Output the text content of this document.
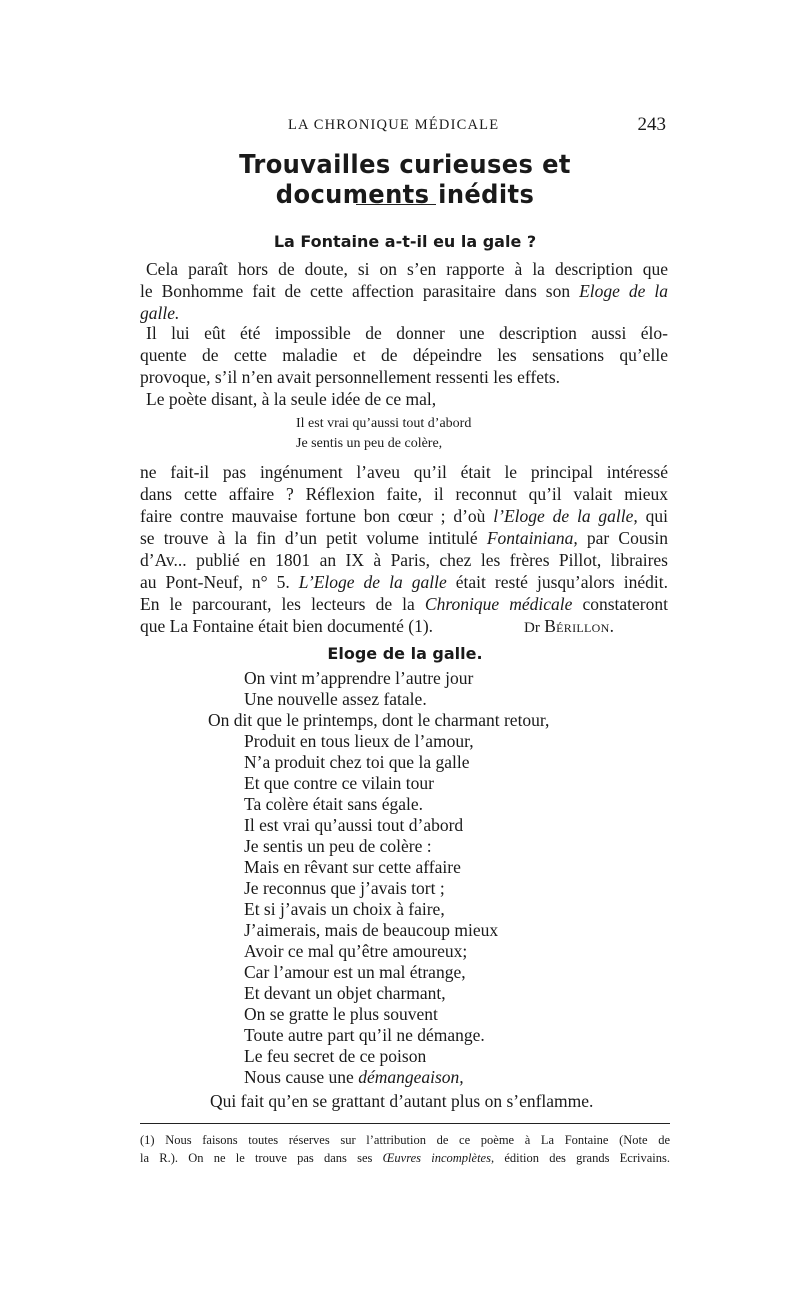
LA CHRONIQUE MÉDICALE	243
Trouvailles curieuses et documents inédits
La Fontaine a-t-il eu la gale ?
Cela paraît hors de doute, si on s’en rapporte à la description que
le Bonhomme fait de cette affection parasitaire dans son Eloge de la
galle.
Il lui eût été impossible de donner une description aussi élo-
quente de cette maladie et de dépeindre les sensations qu’elle
provoque, s’il n’en avait personnellement ressenti les effets.
Le poète disant, à la seule idée de ce mal,
Il est vrai qu’aussi tout d’abord
Je sentis un peu de colère,
ne fait-il pas ingénument l’aveu qu’il était le principal intéressé
dans cette affaire ? Réflexion faite, il reconnut qu’il valait mieux
faire contre mauvaise fortune bon cœur ; d’où l’Eloge de la galle, qui
se trouve à la fin d’un petit volume intitulé Fontainiana, par Cousin
d’Av... publié en 1801 an IX à Paris, chez les frères Pillot, libraires
au Pont-Neuf, n° 5. L’Eloge de la galle était resté jusqu’alors inédit.
En le parcourant, les lecteurs de la Chronique médicale constateront
que La Fontaine était bien documenté (1).	Dr Bérillon.
Eloge de la galle.
On vint m’apprendre l’autre jour
Une nouvelle assez fatale.
On dit que le printemps, dont le charmant retour,
Produit en tous lieux de l’amour,
N’a produit chez toi que la galle
Et que contre ce vilain tour
Ta colère était sans égale.
Il est vrai qu’aussi tout d’abord
Je sentis un peu de colère :
Mais en rêvant sur cette affaire
Je reconnus que j’avais tort ;
Et si j’avais un choix à faire,
J’aimerais, mais de beaucoup mieux
Avoir ce mal qu’être amoureux;
Car l’amour est un mal étrange,
Et devant un objet charmant,
On se gratte le plus souvent
Toute autre part qu’il ne démange.
Le feu secret de ce poison
Nous cause une démangeaison,
Qui fait qu’en se grattant d’autant plus on s’enflamme.
(1) Nous faisons toutes réserves sur l’attribution de ce poème à La Fontaine (Note de
la R.). On ne le trouve pas dans ses Œuvres incomplètes, édition des grands Ecrivains.
